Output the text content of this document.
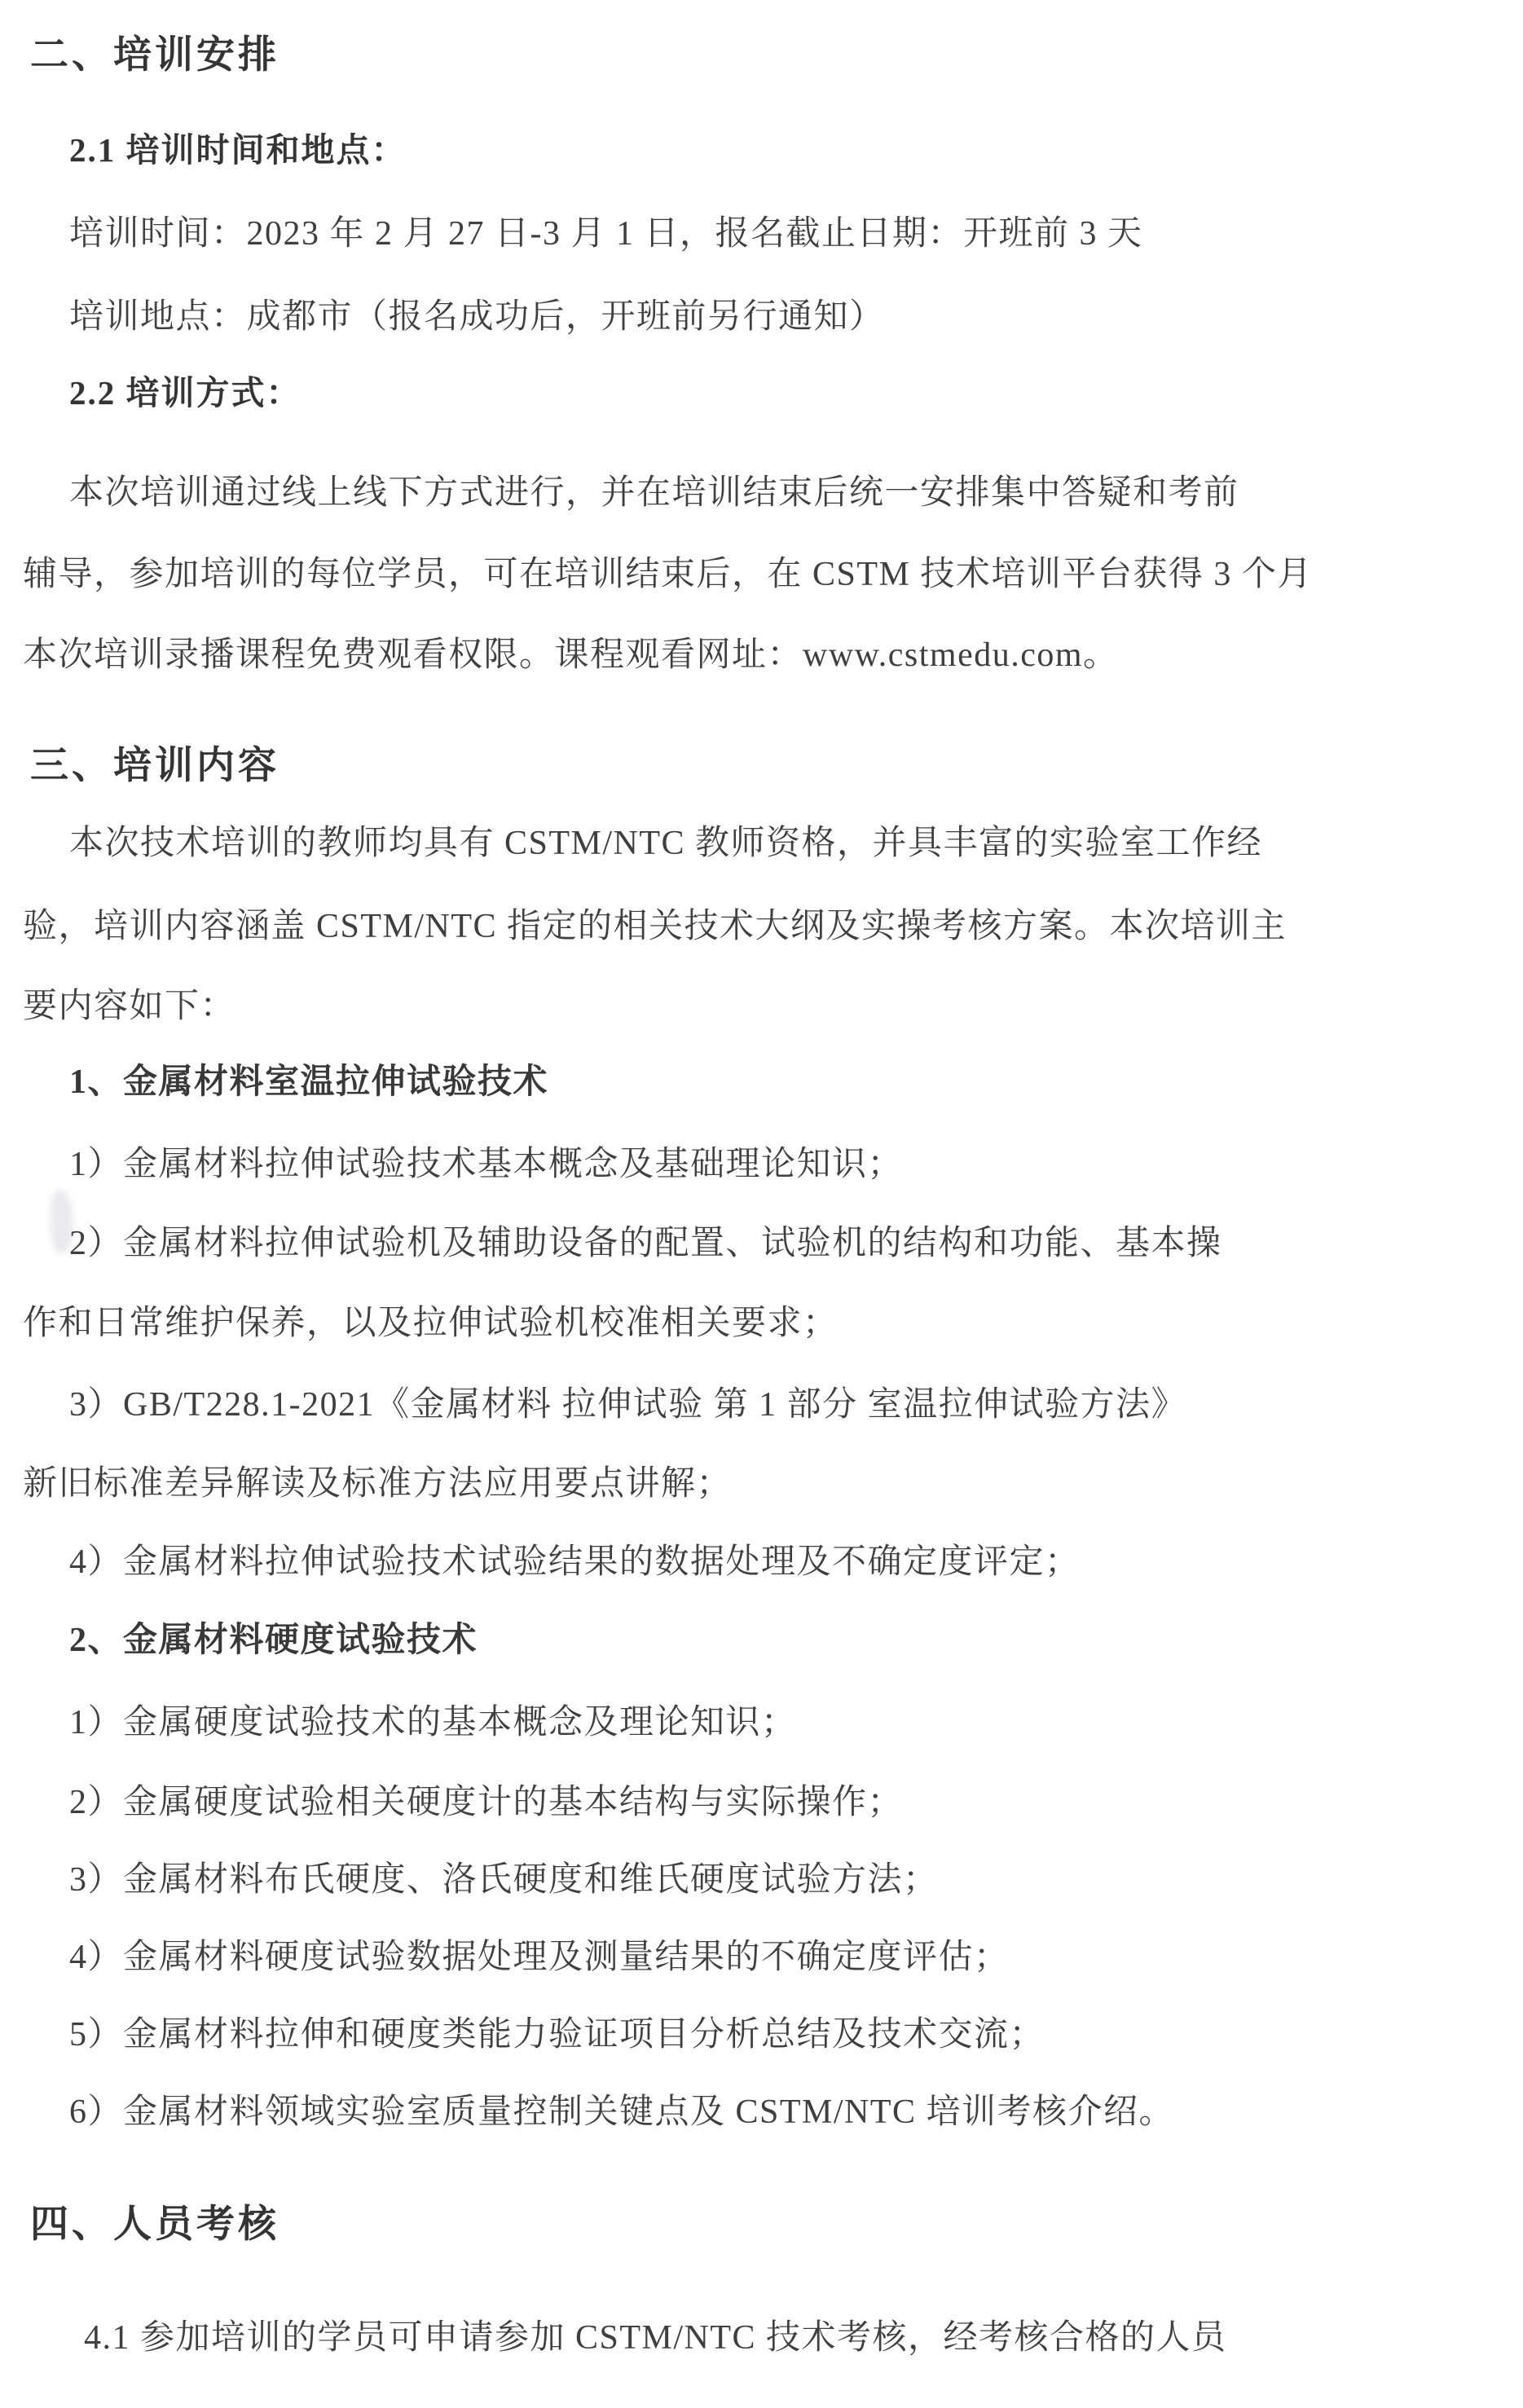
二、培训安排
2.1 培训时间和地点：
培训时间：2023 年 2 月 27 日-3 月 1 日，报名截止日期：开班前 3 天
培训地点：成都市（报名成功后，开班前另行通知）
2.2 培训方式：
本次培训通过线上线下方式进行，并在培训结束后统一安排集中答疑和考前
辅导，参加培训的每位学员，可在培训结束后，在 CSTM 技术培训平台获得 3 个月
本次培训录播课程免费观看权限。课程观看网址：www.cstmedu.com。
三、培训内容
本次技术培训的教师均具有 CSTM/NTC 教师资格，并具丰富的实验室工作经
验，培训内容涵盖 CSTM/NTC 指定的相关技术大纲及实操考核方案。本次培训主
要内容如下：
1、金属材料室温拉伸试验技术
1）金属材料拉伸试验技术基本概念及基础理论知识；
2）金属材料拉伸试验机及辅助设备的配置、试验机的结构和功能、基本操
作和日常维护保养，以及拉伸试验机校准相关要求；
3）GB/T228.1-2021《金属材料 拉伸试验 第 1 部分 室温拉伸试验方法》
新旧标准差异解读及标准方法应用要点讲解；
4）金属材料拉伸试验技术试验结果的数据处理及不确定度评定；
2、金属材料硬度试验技术
1）金属硬度试验技术的基本概念及理论知识；
2）金属硬度试验相关硬度计的基本结构与实际操作；
3）金属材料布氏硬度、洛氏硬度和维氏硬度试验方法；
4）金属材料硬度试验数据处理及测量结果的不确定度评估；
5）金属材料拉伸和硬度类能力验证项目分析总结及技术交流；
6）金属材料领域实验室质量控制关键点及 CSTM/NTC 培训考核介绍。
四、人员考核
4.1 参加培训的学员可申请参加 CSTM/NTC 技术考核，经考核合格的人员
